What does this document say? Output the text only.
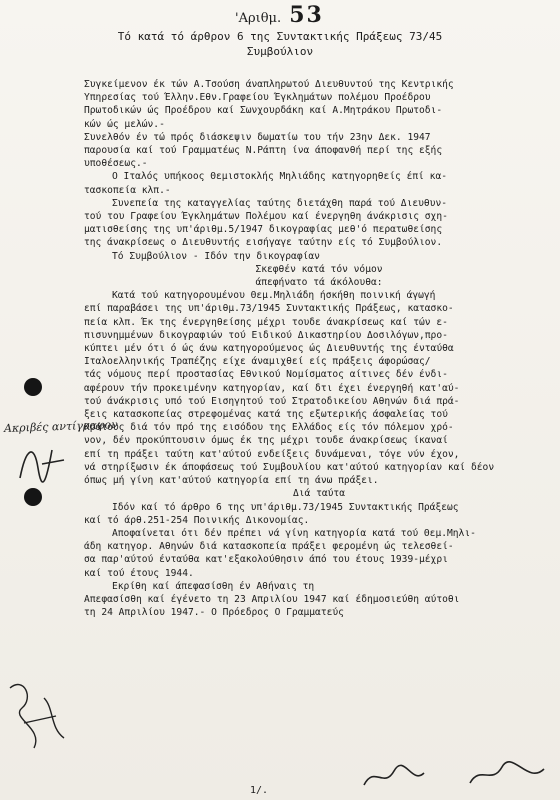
'Αριθμ. 53
Τό κατά τό άρθρον 6 της Συντακτικής Πράξεως 73/45
Συμβούλιον
Συγκείμενον έκ τών Α.Τσούση άναπληρωτού Διευθυντού της Κεντρικής
Υπηρεσίας τού Έλλην.Εθν.Γραφείου Έγκλημάτων πολέμου Προέδρου
Πρωτοδικών ώς Προέδρου καί Σωνχουρδάκη καί Α.Μητράκου Πρωτοδι-
κών ώς μελών.-
Συνελθόν έν τώ πρός διάσκεψιν δωματίω του τήν 23ην Δεκ. 1947
παρουσία καί τού Γραμματέως Ν.Ράπτη ίνα άποφανθή περί της εξής
υποθέσεως.-
Ο Ιταλός υπήκοος Θεμιστοκλής Μηλιάδης κατηγορηθείς έπί κα-
τασκοπεία κλπ.-
Συνεπεία της καταγγελίας ταύτης διετάχθη παρά τού Διευθυν-
τού του Γραφείου Έγκλημάτων Πολέμου καί ένεργηθη άνάκρισις σχη-
ματισθείσης της υπ'άριθμ.5/1947 δικογραφίας μεθ'ό περατωθείσης
της άνακρίσεως ο Διευθυντής εισήγαγε ταύτην είς τό Συμβούλιον.
Τό Συμβούλιον - Ιδόν την δικογραφίαν
Σκεφθέν κατά τόν νόμον
άπεφήνατο τά άκόλουθα:
Κατά τού κατηγορουμένου Θεμ.Μηλιάδη ήσκήθη ποινική άγωγή
επί παραβάσει της υπ'άριθμ.73/1945 Συντακτικής Πράξεως, κατασκο-
πεία κλπ. Έκ της ένεργηθείσης μέχρι τουδε άνακρίσεως καί τών ε-
πισυνημμένων δικογραφιών τού Ειδικού Δικαστηρίου Δοσιλόγων,προ-
κύπτει μέν ότι ό ώς άνω κατηγορούμενος ώς Διευθυντής της ένταύθα
Ιταλοελληνικής Τραπέζης είχε άναμιχθεί είς πράξεις άφορώσας/
τάς νόμους περί προστασίας Εθνικού Νομίσματος αίτινες δέν ένδι-
αφέρουν τήν προκειμένην κατηγορίαν, καί δτι έχει ένεργηθή κατ'αύ-
τού άνάκρισις υπό τού Εισηγητού τού Στρατοδικείου Αθηνών διά πρά-
ξεις κατασκοπείας στρεφομένας κατά της εξωτερικής άσφαλείας τού
Κράτους διά τόν πρό της εισόδου της Ελλάδος είς τόν πόλεμον χρό-
νον, δέν προκύπτουσιν όμως έκ της μέχρι τουδε άνακρίσεως ίκαναί
επί τη πράξει ταύτη κατ'αύτού ενδείξεις δυνάμεναι, τόγε νύν έχον,
νά στηρίξωσιν έκ άποφάσεως τού Συμβουλίου κατ'αύτού κατηγορίαν καί δέον
όπως μή γίνη κατ'αύτού κατηγορία επί τη άνω πράξει.
Διά ταύτα
Ιδόν καί τό άρθρο 6 της υπ'άριθμ.73/1945 Συντακτικής Πράξεως
καί τό άρθ.251-254 Ποινικής Δικονομίας.
Αποφαίνεται ότι δέν πρέπει νά γίνη κατηγορία κατά τού Θεμ.Μηλι-
άδη κατηγορ. Αθηνών διά κατασκοπεία πράξει φερομένη ώς τελεσθεί-
σα παρ'αύτού ένταύθα κατ'εξακολούθησιν άπό του έτους 1939-μέχρι
καί τού έτους 1944.
Εκρίθη καί άπεφασίσθη έν Αθήναις τη
Απεφασίσθη καί έγένετο τη 23 Απριλίου 1947 καί έδημοσιεύθη αύτοθι
τη 24 Απριλίου 1947.- Ο Πρόεδρος Ο Γραμματεύς
Ακριβές αντίγραφον
1/.
